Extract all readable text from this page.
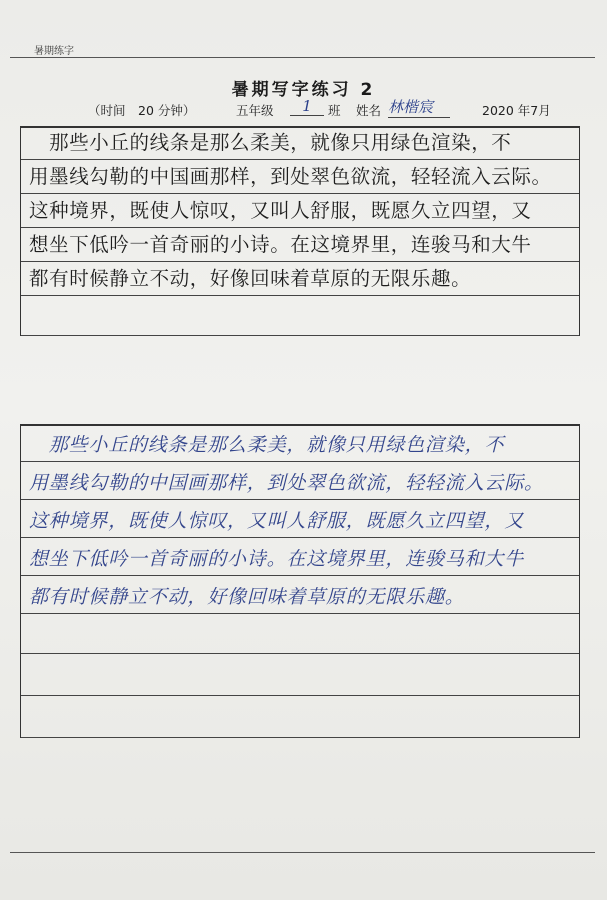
暑期练字
暑期写字练习 2
（时间　20 分钟）	五年级	1	班 姓名 林楷宸	2020 年7月
　那些小丘的线条是那么柔美，就像只用绿色渲染，不
用墨线勾勒的中国画那样，到处翠色欲流，轻轻流入云际。
这种境界，既使人惊叹，又叫人舒服，既愿久立四望，又
想坐下低吟一首奇丽的小诗。在这境界里，连骏马和大牛
都有时候静立不动，好像回味着草原的无限乐趣。
　那些小丘的线条是那么柔美，就像只用绿色渲染，不
用墨线勾勒的中国画那样，到处翠色欲流，轻轻流入云际。
这种境界，既使人惊叹，又叫人舒服，既愿久立四望，又
想坐下低吟一首奇丽的小诗。在这境界里，连骏马和大牛
都有时候静立不动，好像回味着草原的无限乐趣。
